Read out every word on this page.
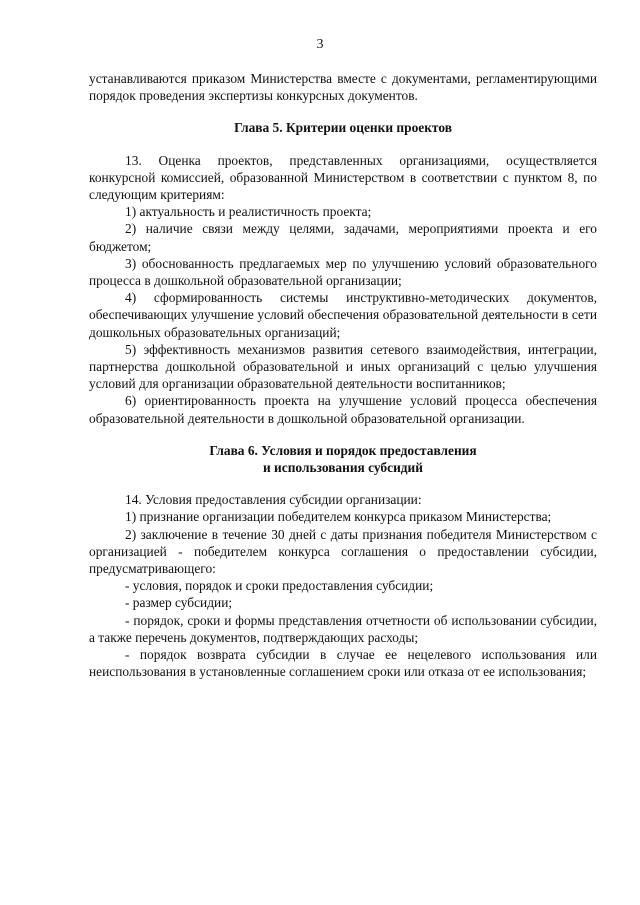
3

устанавливаются приказом Министерства вместе с документами, регламентирующими порядок проведения экспертизы конкурсных документов.

Глава 5. Критерии оценки проектов

13. Оценка проектов, представленных организациями, осуществляется конкурсной комиссией, образованной Министерством в соответствии с пунктом 8, по следующим критериям:

1) актуальность и реалистичность проекта;

2) наличие связи между целями, задачами, мероприятиями проекта и его бюджетом;

3) обоснованность предлагаемых мер по улучшению условий образовательного процесса в дошкольной образовательной организации;

4) сформированность системы инструктивно-методических документов, обеспечивающих улучшение условий обеспечения образовательной деятельности в сети дошкольных образовательных организаций;

5) эффективность механизмов развития сетевого взаимодействия, интеграции, партнерства дошкольной образовательной и иных организаций с целью улучшения условий для организации образовательной деятельности воспитанников;

6) ориентированность проекта на улучшение условий процесса обеспечения образовательной деятельности в дошкольной образовательной организации.

Глава 6. Условия и порядок предоставления
и использования субсидий

14. Условия предоставления субсидии организации:

1) признание организации победителем конкурса приказом Министерства;

2) заключение в течение 30 дней с даты признания победителя Министерством с организацией - победителем конкурса соглашения о предоставлении субсидии, предусматривающего:

- условия, порядок и сроки предоставления субсидии;

- размер субсидии;

- порядок, сроки и формы представления отчетности об использовании субсидии, а также перечень документов, подтверждающих расходы;

- порядок возврата субсидии в случае ее нецелевого использования или неиспользования в установленные соглашением сроки или отказа от ее использования;
